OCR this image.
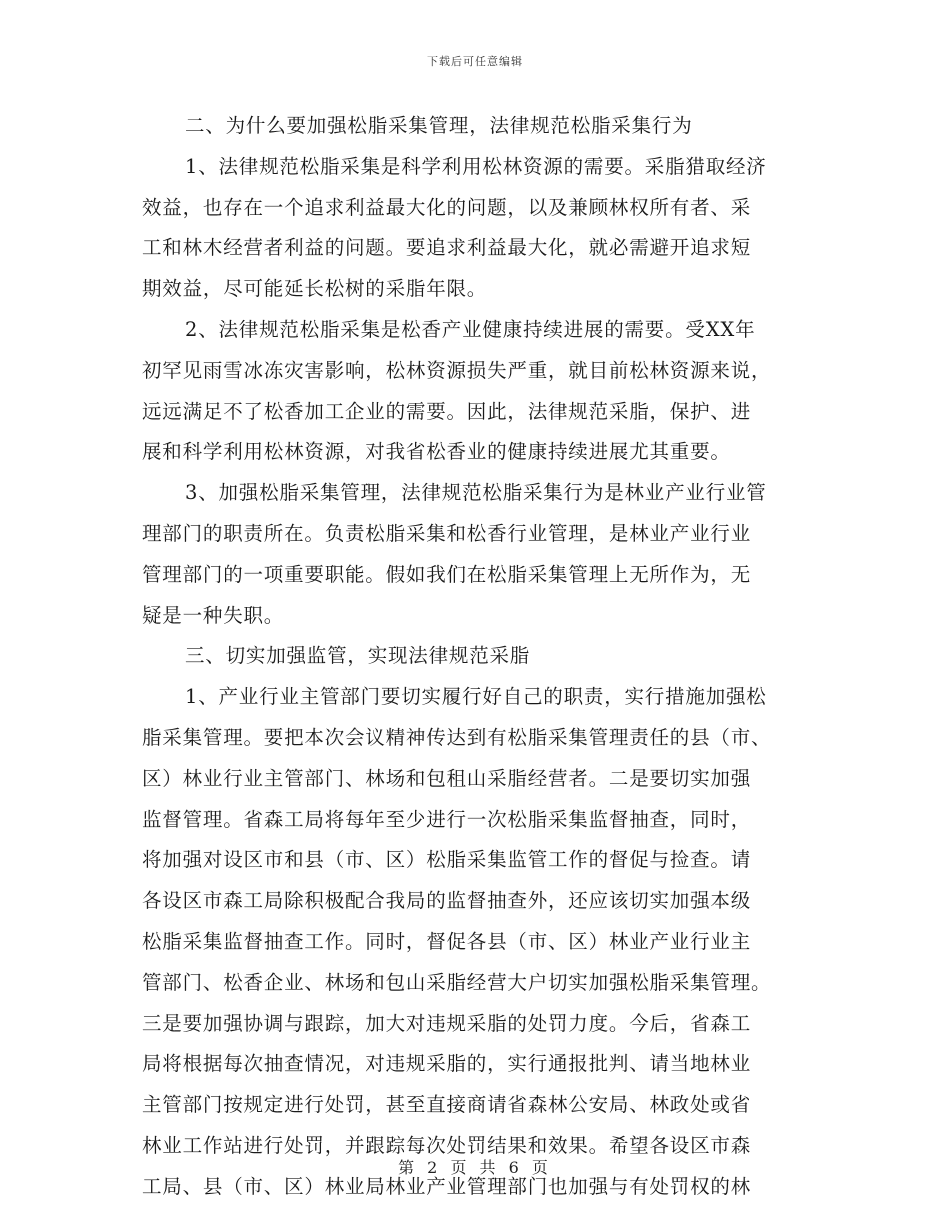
下载后可任意编辑
二、为什么要加强松脂采集管理，法律规范松脂采集行为
1、法律规范松脂采集是科学利用松林资源的需要。采脂猎取经济
效益，也存在一个追求利益最大化的问题，以及兼顾林权所有者、采
工和林木经营者利益的问题。要追求利益最大化，就必需避开追求短
期效益，尽可能延长松树的采脂年限。
2、法律规范松脂采集是松香产业健康持续进展的需要。受XX年
初罕见雨雪冰冻灾害影响，松林资源损失严重，就目前松林资源来说，
远远满足不了松香加工企业的需要。因此，法律规范采脂，保护、进
展和科学利用松林资源，对我省松香业的健康持续进展尤其重要。
3、加强松脂采集管理，法律规范松脂采集行为是林业产业行业管
理部门的职责所在。负责松脂采集和松香行业管理，是林业产业行业
管理部门的一项重要职能。假如我们在松脂采集管理上无所作为，无
疑是一种失职。
三、切实加强监管，实现法律规范采脂
1、产业行业主管部门要切实履行好自己的职责，实行措施加强松
脂采集管理。要把本次会议精神传达到有松脂采集管理责任的县（市、
区）林业行业主管部门、林场和包租山采脂经营者。二是要切实加强
监督管理。省森工局将每年至少进行一次松脂采集监督抽查，同时，
将加强对设区市和县（市、区）松脂采集监管工作的督促与捡查。请
各设区市森工局除积极配合我局的监督抽查外，还应该切实加强本级
松脂采集监督抽查工作。同时，督促各县（市、区）林业产业行业主
管部门、松香企业、林场和包山采脂经营大户切实加强松脂采集管理。
三是要加强协调与跟踪，加大对违规采脂的处罚力度。今后，省森工
局将根据每次抽查情况，对违规采脂的，实行通报批判、请当地林业
主管部门按规定进行处罚，甚至直接商请省森林公安局、林政处或省
林业工作站进行处罚，并跟踪每次处罚结果和效果。希望各设区市森
工局、县（市、区）林业局林业产业管理部门也加强与有处罚权的林
第 2 页 共 6 页
